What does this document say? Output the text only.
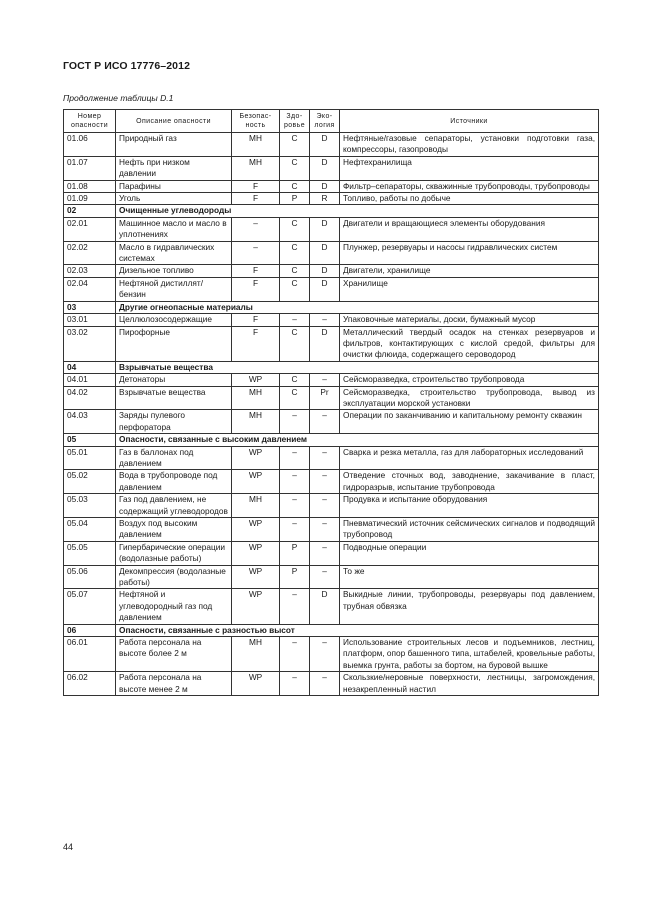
ГОСТ Р ИСО 17776–2012
Продолжение таблицы D.1
Номер опасности	Описание опасности	Безопас-ность	Здо-ровье	Эко-логия	Источники
01.06	Природный газ	MH	C	D	Нефтяные/газовые сепараторы, установки подготовки газа, компрессоры, газопроводы
01.07	Нефть при низком давлении	MH	C	D	Нефтехранилища
01.08	Парафины	F	C	D	Фильтр–сепараторы, скважинные трубопроводы, трубопроводы
01.09	Уголь	F	P	R	Топливо, работы по добыче
02	Очищенные углеводороды				
02.01	Машинное масло и масло в уплотнениях	–	C	D	Двигатели и вращающиеся элементы оборудования
02.02	Масло в гидравлических системах	–	C	D	Плунжер, резервуары и насосы гидравлических систем
02.03	Дизельное топливо	F	C	D	Двигатели, хранилище
02.04	Нефтяной дистиллят/бензин	F	C	D	Хранилище
03	Другие огнеопасные материалы				
03.01	Целлюлозосодержащие	F	–	–	Упаковочные материалы, доски, бумажный мусор
03.02	Пирофорные	F	C	D	Металлический твердый осадок на стенках резервуаров и фильтров, контактирующих с кислой средой, фильтры для очистки флюида, содержащего сероводород
04	Взрывчатые вещества				
04.01	Детонаторы	WP	C	–	Сейсморазведка, строительство трубопровода
04.02	Взрывчатые вещества	MH	C	Pr	Сейсморазведка, строительство трубопровода, вывод из эксплуатации морской установки
04.03	Заряды пулевого перфоратора	MH	–	–	Операции по заканчиванию и капитальному ремонту скважин
05	Опасности, связанные с высоким давлением				
05.01	Газ в баллонах под давлением	WP	–	–	Сварка и резка металла, газ для лабораторных исследований
05.02	Вода в трубопроводе под давлением	WP	–	–	Отведение сточных вод, заводнение, закачивание в пласт, гидроразрыв, испытание трубопровода
05.03	Газ под давлением, не содержащий углеводородов	MH	–	–	Продувка и испытание оборудования
05.04	Воздух под высоким давлением	WP	–	–	Пневматический источник сейсмических сигналов и подводящий трубопровод
05.05	Гипербарические операции (водолазные работы)	WP	P	–	Подводные операции
05.06	Декомпрессия (водолазные работы)	WP	P	–	То же
05.07	Нефтяной и углеводородный газ под давлением	WP	–	D	Выкидные линии, трубопроводы, резервуары под давлением, трубная обвязка
06	Опасности, связанные с разностью высот				
06.01	Работа персонала на высоте более 2 м	MH	–	–	Использование строительных лесов и подъемников, лестниц, платформ, опор башенного типа, штабелей, кровельные работы, выемка грунта, работы за бортом, на буровой вышке
06.02	Работа персонала на высоте менее 2 м	WP	–	–	Скользкие/неровные поверхности, лестницы, загромождения, незакрепленный настил
44
